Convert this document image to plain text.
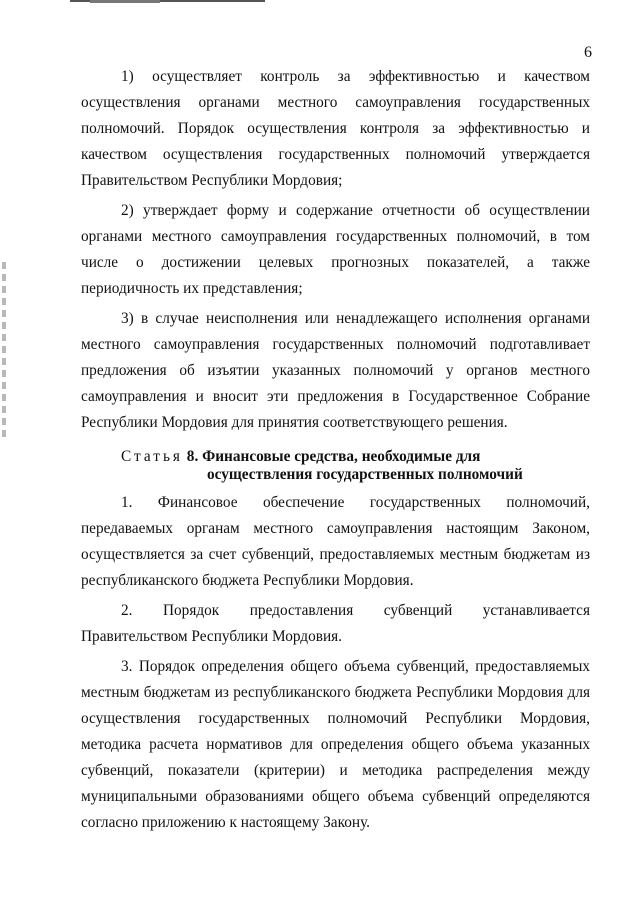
6

1) осуществляет контроль за эффективностью и качеством осуществления органами местного самоуправления государственных полномочий. Порядок осуществления контроля за эффективностью и качеством осуществления государственных полномочий утверждается Правительством Республики Мордовия;

2) утверждает форму и содержание отчетности об осуществлении органами местного самоуправления государственных полномочий, в том числе о достижении целевых прогнозных показателей, а также периодичность их представления;

3) в случае неисполнения или ненадлежащего исполнения органами местного самоуправления государственных полномочий подготавливает предложения об изъятии указанных полномочий у органов местного самоуправления и вносит эти предложения в Государственное Собрание Республики Мордовия для принятия соответствующего решения.

Статья 8. Финансовые средства, необходимые для
осуществления государственных полномочий

1. Финансовое обеспечение государственных полномочий, передаваемых органам местного самоуправления настоящим Законом, осуществляется за счет субвенций, предоставляемых местным бюджетам из республиканского бюджета Республики Мордовия.

2. Порядок предоставления субвенций устанавливается Правительством Республики Мордовия.

3. Порядок определения общего объема субвенций, предоставляемых местным бюджетам из республиканского бюджета Республики Мордовия для осуществления государственных полномочий Республики Мордовия, методика расчета нормативов для определения общего объема указанных субвенций, показатели (критерии) и методика распределения между муниципальными образованиями общего объема субвенций определяются согласно приложению к настоящему Закону.
